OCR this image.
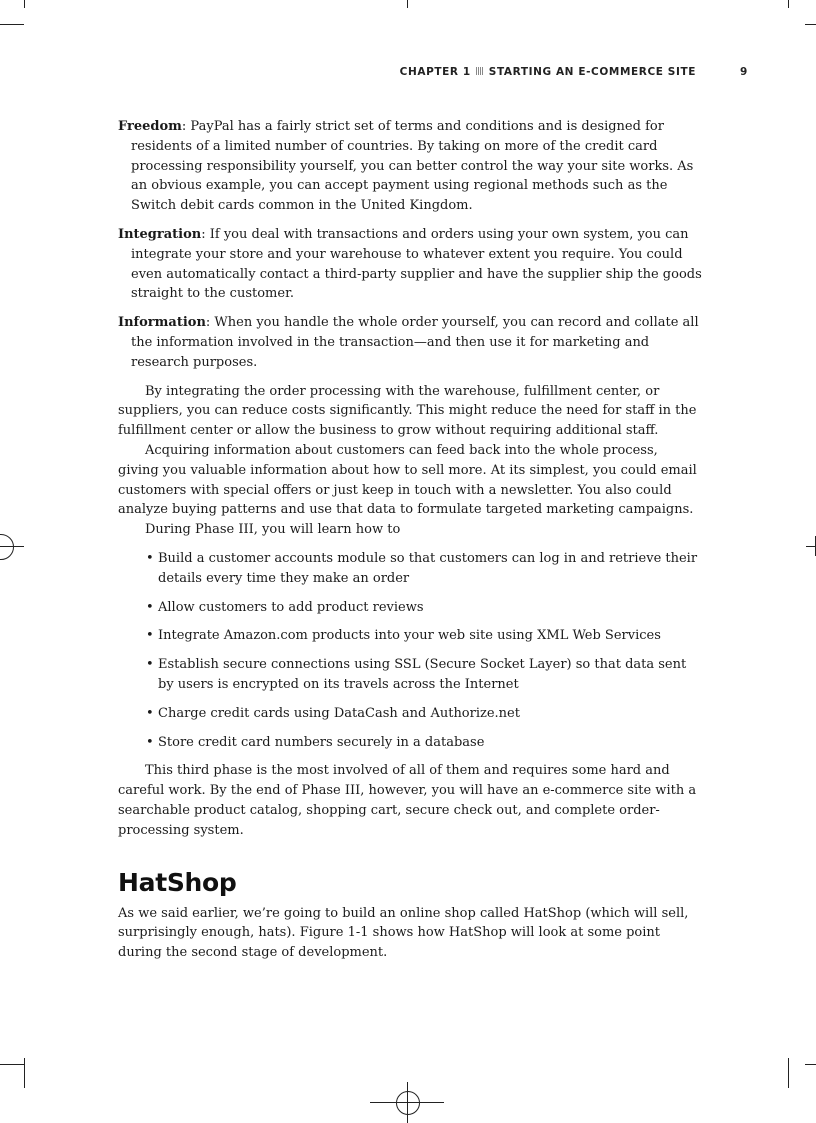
CHAPTER 1 STARTING AN E-COMMERCE SITE	9

Freedom: PayPal has a fairly strict set of terms and conditions and is designed for residents of a limited number of countries. By taking on more of the credit card processing responsibility yourself, you can better control the way your site works. As an obvious example, you can accept payment using regional methods such as the Switch debit cards common in the United Kingdom.

Integration: If you deal with transactions and orders using your own system, you can integrate your store and your warehouse to whatever extent you require. You could even automatically contact a third-party supplier and have the supplier ship the goods straight to the customer.

Information: When you handle the whole order yourself, you can record and collate all the information involved in the transaction—and then use it for marketing and research purposes.

By integrating the order processing with the warehouse, fulfillment center, or suppliers, you can reduce costs significantly. This might reduce the need for staff in the fulfillment center or allow the business to grow without requiring additional staff.

Acquiring information about customers can feed back into the whole process, giving you valuable information about how to sell more. At its simplest, you could email customers with special offers or just keep in touch with a newsletter. You also could analyze buying patterns and use that data to formulate targeted marketing campaigns.

During Phase III, you will learn how to

• Build a customer accounts module so that customers can log in and retrieve their details every time they make an order
• Allow customers to add product reviews
• Integrate Amazon.com products into your web site using XML Web Services
• Establish secure connections using SSL (Secure Socket Layer) so that data sent by users is encrypted on its travels across the Internet
• Charge credit cards using DataCash and Authorize.net
• Store credit card numbers securely in a database

This third phase is the most involved of all of them and requires some hard and careful work. By the end of Phase III, however, you will have an e-commerce site with a searchable product catalog, shopping cart, secure check out, and complete order-processing system.

HatShop

As we said earlier, we’re going to build an online shop called HatShop (which will sell, surprisingly enough, hats). Figure 1-1 shows how HatShop will look at some point during the second stage of development.
